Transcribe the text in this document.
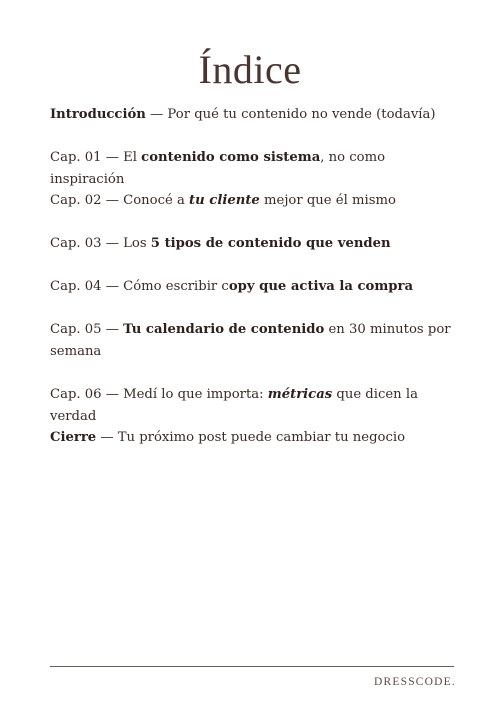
Índice
Introducción — Por qué tu contenido no vende (todavía)
Cap. 01 — El contenido como sistema, no como inspiración
Cap. 02 — Conocé a tu cliente mejor que él mismo
Cap. 03 — Los 5 tipos de contenido que venden
Cap. 04 — Cómo escribir copy que activa la compra
Cap. 05 — Tu calendario de contenido en 30 minutos por semana
Cap. 06 — Medí lo que importa: métricas que dicen la verdad
Cierre — Tu próximo post puede cambiar tu negocio
DRESSCODE.
